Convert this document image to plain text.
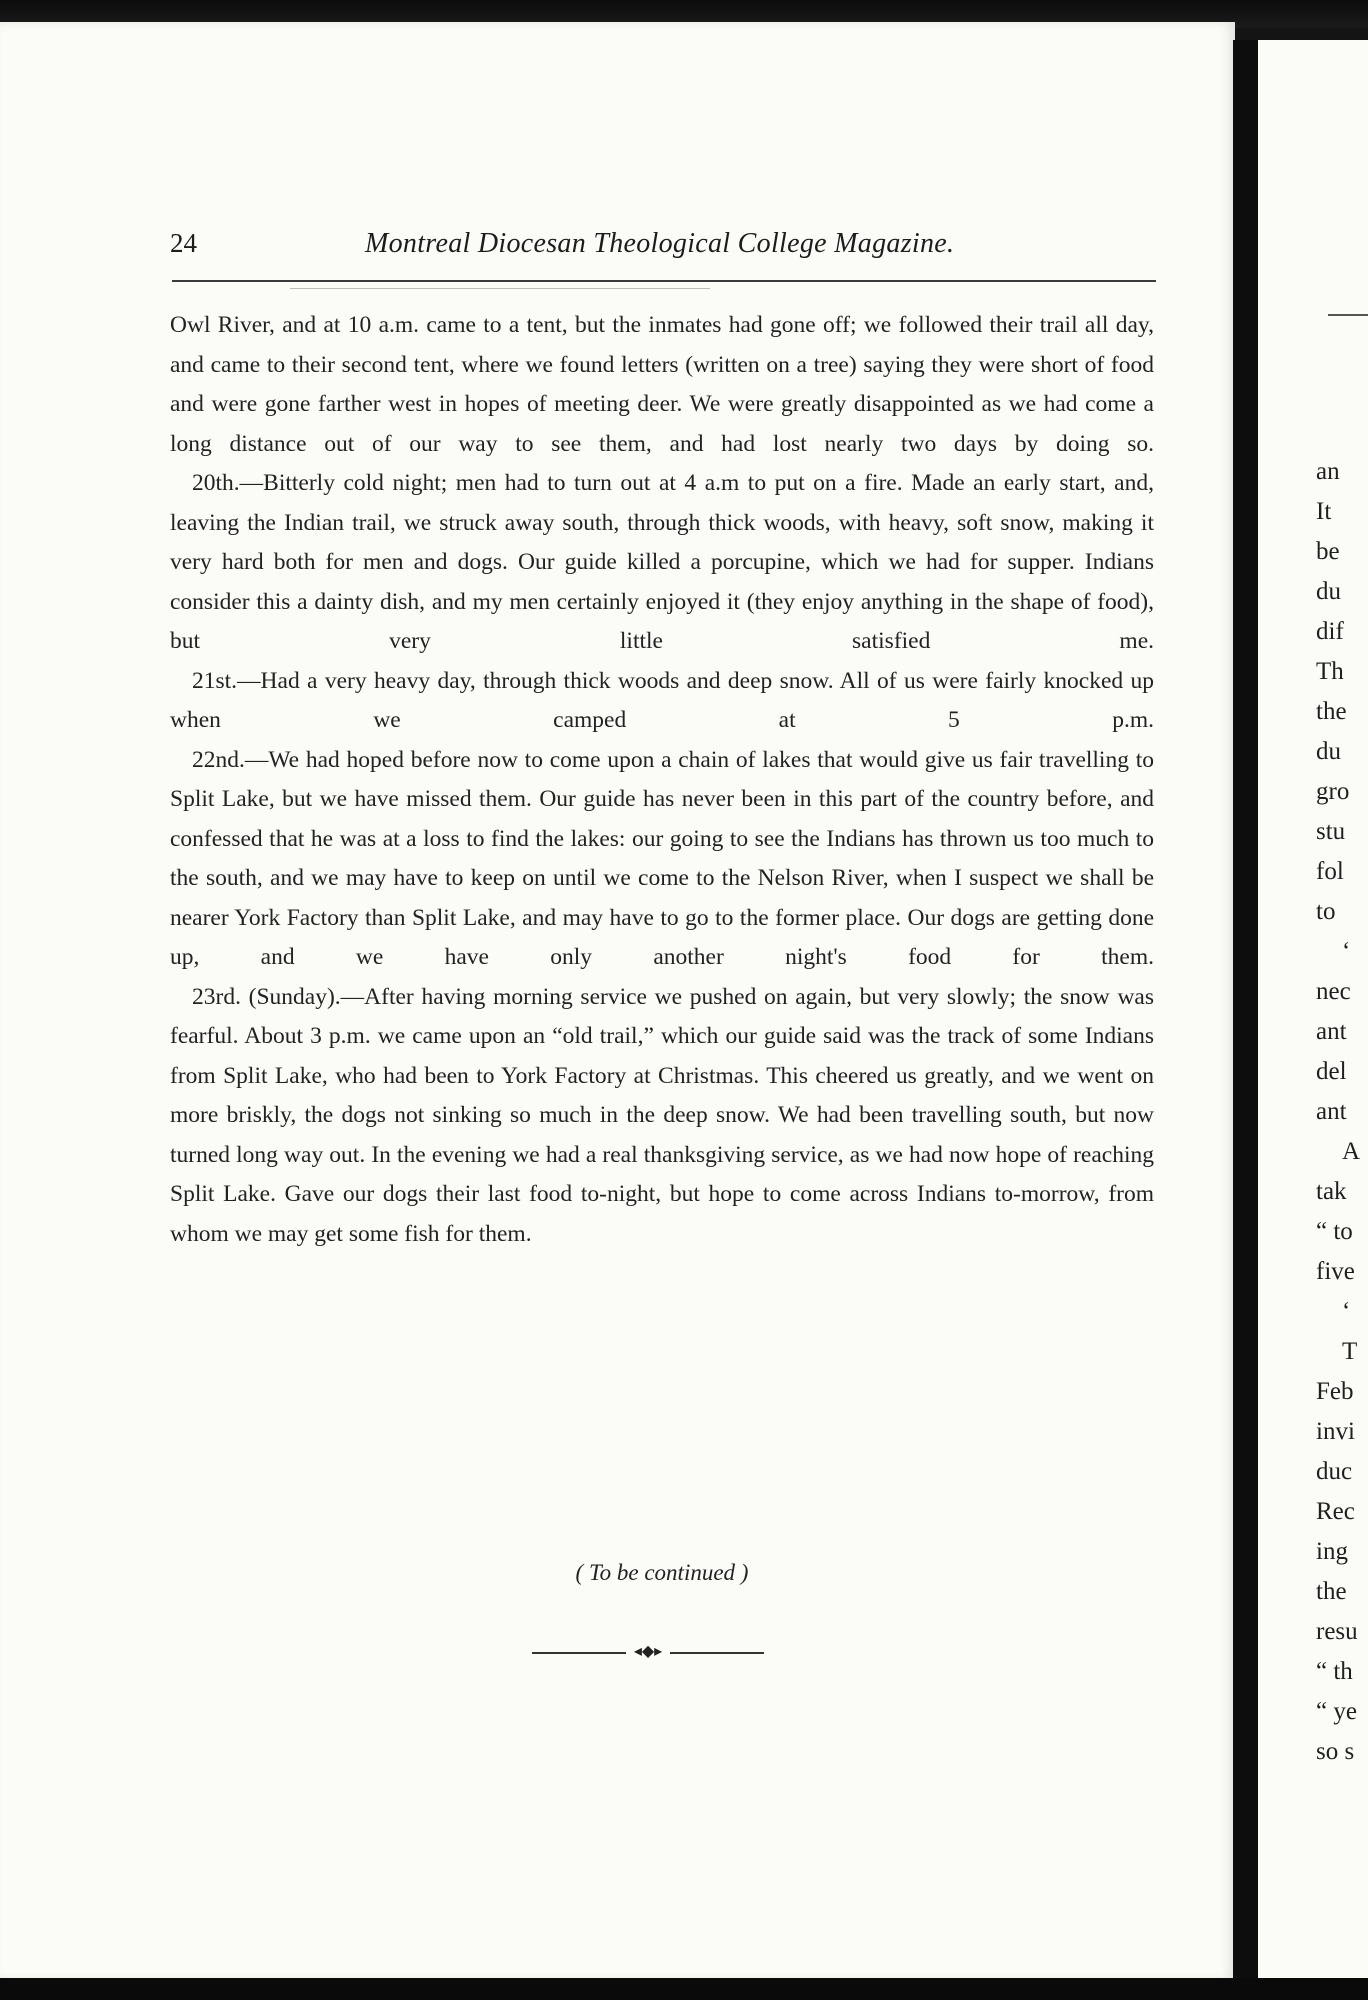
an
It
be
du
dif
Th
the
du
gro
stu
fol
to
‘
nec
ant
del
ant
A
tak
“ to
five
‘
T
Feb
invi
duc
Rec
ing
the
resu
“ th
“ ye
so s
24	Montreal Diocesan Theological College Magazine.

Owl River, and at 10 a.m. came to a tent, but the inmates had gone off; we followed their trail all day, and came to their second tent, where we found letters (written on a tree) saying they were short of food and were gone farther west in hopes of meeting deer. We were greatly disappointed as we had come a long distance out of our way to see them, and had lost nearly two days by doing so.

20th.—Bitterly cold night; men had to turn out at 4 a.m to put on a fire. Made an early start, and, leaving the Indian trail, we struck away south, through thick woods, with heavy, soft snow, making it very hard both for men and dogs. Our guide killed a porcupine, which we had for supper. Indians consider this a dainty dish, and my men certainly enjoyed it (they enjoy anything in the shape of food), but very little satisfied me.

21st.—Had a very heavy day, through thick woods and deep snow. All of us were fairly knocked up when we camped at 5 p.m.

22nd.—We had hoped before now to come upon a chain of lakes that would give us fair travelling to Split Lake, but we have missed them. Our guide has never been in this part of the country before, and confessed that he was at a loss to find the lakes: our going to see the Indians has thrown us too much to the south, and we may have to keep on until we come to the Nelson River, when I suspect we shall be nearer York Factory than Split Lake, and may have to go to the former place. Our dogs are getting done up, and we have only another night's food for them.

23rd. (Sunday).—After having morning service we pushed on again, but very slowly; the snow was fearful. About 3 p.m. we came upon an “old trail,” which our guide said was the track of some Indians from Split Lake, who had been to York Factory at Christmas. This cheered us greatly, and we went on more briskly, the dogs not sinking so much in the deep snow. We had been travelling south, but now turned long way out. In the evening we had a real thanksgiving service, as we had now hope of reaching Split Lake. Gave our dogs their last food to-night, but hope to come across Indians to-morrow, from whom we may get some fish for them.

( To be continued )
◂◆▸
